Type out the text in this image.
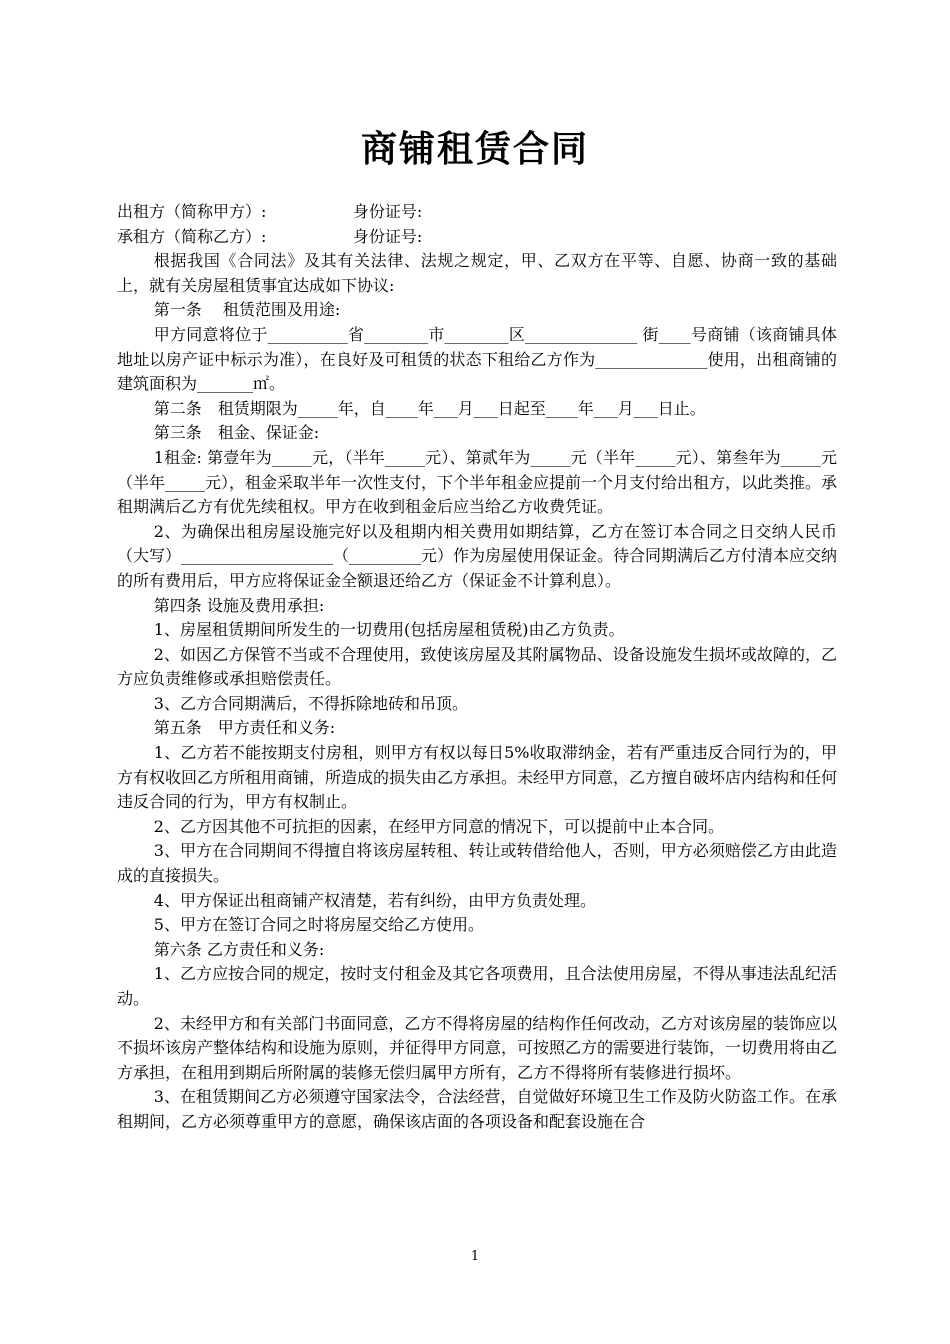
商铺租赁合同

出租方（简称甲方）:                 身份证号:

承租方（简称乙方）:                 身份证号:

根据我国《合同法》及其有关法律、法规之规定，甲、乙双方在平等、自愿、协商一致的基础上，就有关房屋租赁事宜达成如下协议:

第一条　 租赁范围及用途:

甲方同意将位于__________省________市________区______________ 街____号商铺（该商铺具体地址以房产证中标示为准），在良好及可租赁的状态下租给乙方作为______________使用，出租商铺的建筑面积为_______㎡。

第二条　租赁期限为_____年，自____年___月___日起至____年___月___日止。

第三条　租金、保证金:

1租金: 第壹年为_____元，（半年_____元）、第贰年为_____元（半年_____元）、第叁年为_____元（半年_____元），租金采取半年一次性支付，下个半年租金应提前一个月支付给出租方，以此类推。承租期满后乙方有优先续租权。甲方在收到租金后应当给乙方收费凭证。

2、为确保出租房屋设施完好以及租期内相关费用如期结算，乙方在签订本合同之日交纳人民币（大写）___________________（_________元）作为房屋使用保证金。待合同期满后乙方付清本应交纳的所有费用后，甲方应将保证金全额退还给乙方（保证金不计算利息）。

第四条 设施及费用承担:

1、房屋租赁期间所发生的一切费用(包括房屋租赁税)由乙方负责。

2、如因乙方保管不当或不合理使用，致使该房屋及其附属物品、设备设施发生损坏或故障的，乙方应负责维修或承担赔偿责任。

3、乙方合同期满后，不得拆除地砖和吊顶。

第五条　甲方责任和义务:

1、乙方若不能按期支付房租，则甲方有权以每日5%收取滞纳金，若有严重违反合同行为的，甲方有权收回乙方所租用商铺，所造成的损失由乙方承担。未经甲方同意，乙方擅自破坏店内结构和任何违反合同的行为，甲方有权制止。

2、乙方因其他不可抗拒的因素，在经甲方同意的情况下，可以提前中止本合同。

3、甲方在合同期间不得擅自将该房屋转租、转让或转借给他人，否则，甲方必须赔偿乙方由此造成的直接损失。

4、甲方保证出租商铺产权清楚，若有纠纷，由甲方负责处理。

5、甲方在签订合同之时将房屋交给乙方使用。

第六条 乙方责任和义务:

1、乙方应按合同的规定，按时支付租金及其它各项费用，且合法使用房屋，不得从事违法乱纪活动。

2、未经甲方和有关部门书面同意，乙方不得将房屋的结构作任何改动，乙方对该房屋的装饰应以不损坏该房产整体结构和设施为原则，并征得甲方同意，可按照乙方的需要进行装饰，一切费用将由乙方承担，在租用到期后所附属的装修无偿归属甲方所有，乙方不得将所有装修进行损坏。

3、在租赁期间乙方必须遵守国家法令，合法经营，自觉做好环境卫生工作及防火防盗工作。在承租期间，乙方必须尊重甲方的意愿，确保该店面的各项设备和配套设施在合

1
